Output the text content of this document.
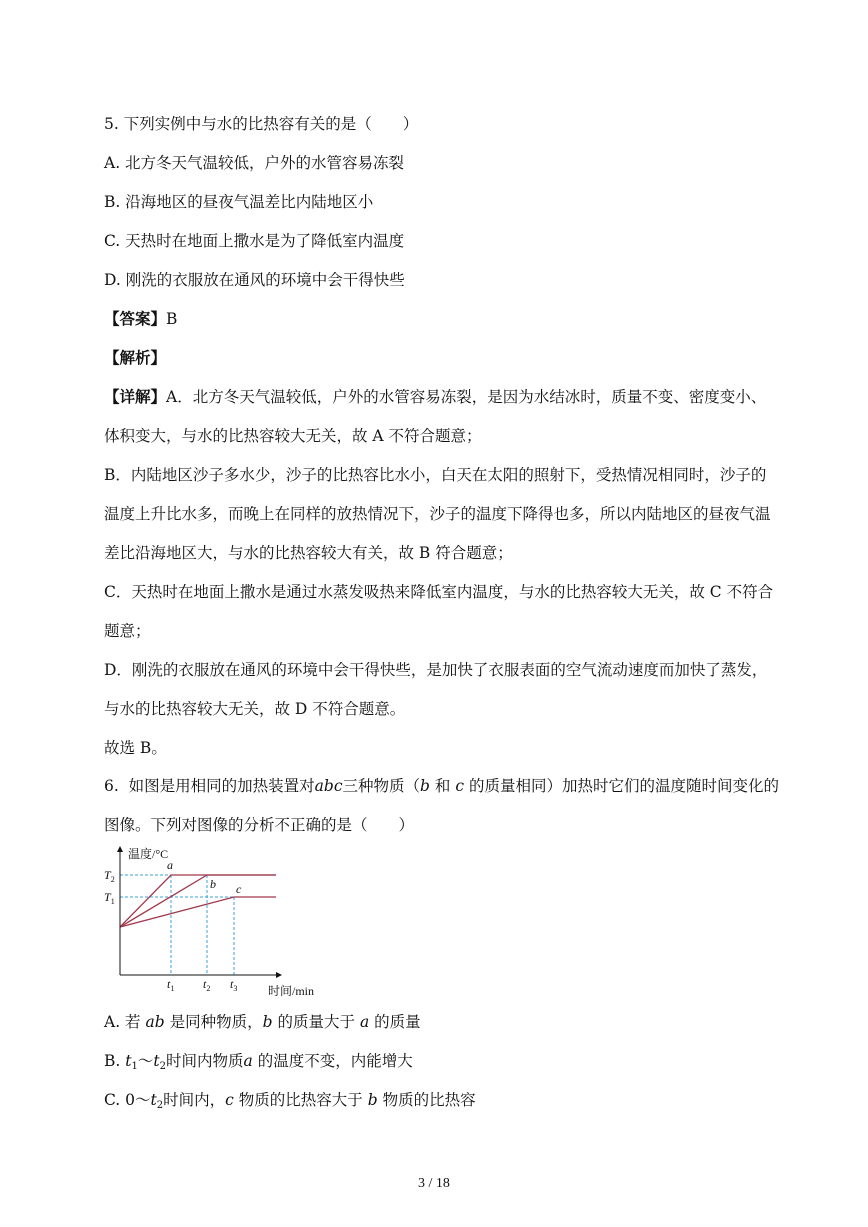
5. 下列实例中与水的比热容有关的是（　　）
A. 北方冬天气温较低，户外的水管容易冻裂
B. 沿海地区的昼夜气温差比内陆地区小
C. 天热时在地面上撒水是为了降低室内温度
D. 刚洗的衣服放在通风的环境中会干得快些
【答案】B
【解析】
【详解】A．北方冬天气温较低，户外的水管容易冻裂，是因为水结冰时，质量不变、密度变小、
体积变大，与水的比热容较大无关，故 A 不符合题意；
B．内陆地区沙子多水少，沙子的比热容比水小，白天在太阳的照射下，受热情况相同时，沙子的
温度上升比水多，而晚上在同样的放热情况下，沙子的温度下降得也多，所以内陆地区的昼夜气温
差比沿海地区大，与水的比热容较大有关，故 B 符合题意；
C．天热时在地面上撒水是通过水蒸发吸热来降低室内温度，与水的比热容较大无关，故 C 不符合
题意；
D．刚洗的衣服放在通风的环境中会干得快些，是加快了衣服表面的空气流动速度而加快了蒸发，
与水的比热容较大无关，故 D 不符合题意。
故选 B。
6. 如图是用相同的加热装置对abc三种物质（b 和 c 的质量相同）加热时它们的温度随时间变化的
图像。下列对图像的分析不正确的是（　　）
温度/°C
时间/min
a
b c
$T_2$
$T_1$
$t_1$ $t_2$ $t_3$
A. 若 ab 是同种物质，b 的质量大于 a 的质量
B. $t_1\sim t_2$时间内物质a 的温度不变，内能增大
C. $0\sim t_2$时间内，c 物质的比热容大于 b 物质的比热容
3 / 18
